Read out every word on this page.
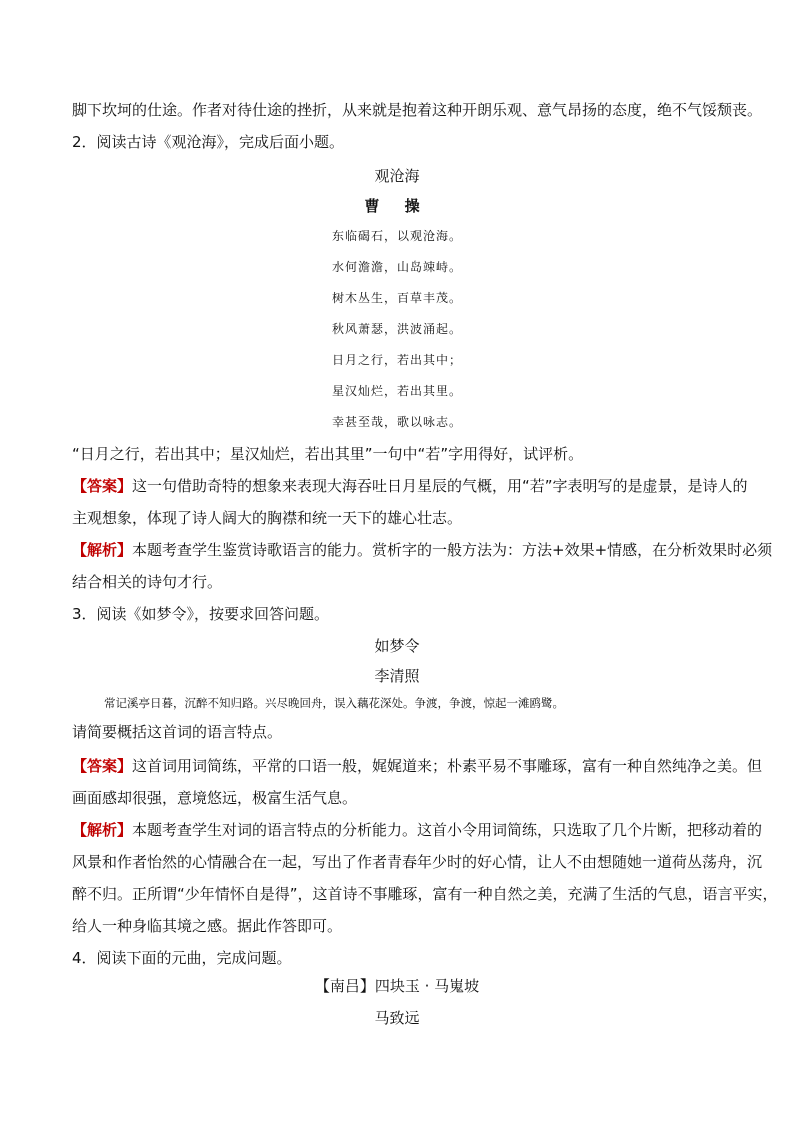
脚下坎坷的仕途。作者对待仕途的挫折，从来就是抱着这种开朗乐观、意气昂扬的态度，绝不气馁颓丧。
2．阅读古诗《观沧海》，完成后面小题。
观沧海
曹 操
东临碣石，以观沧海。
水何澹澹，山岛竦峙。
树木丛生，百草丰茂。
秋风萧瑟，洪波涌起。
日月之行，若出其中；
星汉灿烂，若出其里。
幸甚至哉，歌以咏志。
“日月之行，若出其中；星汉灿烂，若出其里”一句中“若”字用得好，试评析。
【答案】这一句借助奇特的想象来表现大海吞吐日月星辰的气概，用“若”字表明写的是虚景，是诗人的
主观想象，体现了诗人阔大的胸襟和统一天下的雄心壮志。
【解析】本题考查学生鉴赏诗歌语言的能力。赏析字的一般方法为：方法+效果+情感，在分析效果时必须
结合相关的诗句才行。
3．阅读《如梦令》，按要求回答问题。
如梦令
李清照
常记溪亭日暮，沉醉不知归路。兴尽晚回舟，误入藕花深处。争渡，争渡，惊起一滩鸥鹭。
请简要概括这首词的语言特点。
【答案】这首词用词简练，平常的口语一般，娓娓道来；朴素平易不事雕琢，富有一种自然纯净之美。但
画面感却很强，意境悠远，极富生活气息。
【解析】本题考查学生对词的语言特点的分析能力。这首小令用词简练，只选取了几个片断，把移动着的
风景和作者怡然的心情融合在一起，写出了作者青春年少时的好心情，让人不由想随她一道荷丛荡舟，沉
醉不归。正所谓“少年情怀自是得”，这首诗不事雕琢，富有一种自然之美，充满了生活的气息，语言平实，
给人一种身临其境之感。据此作答即可。
4．阅读下面的元曲，完成问题。
【南吕】四块玉 · 马嵬坡
马致远
